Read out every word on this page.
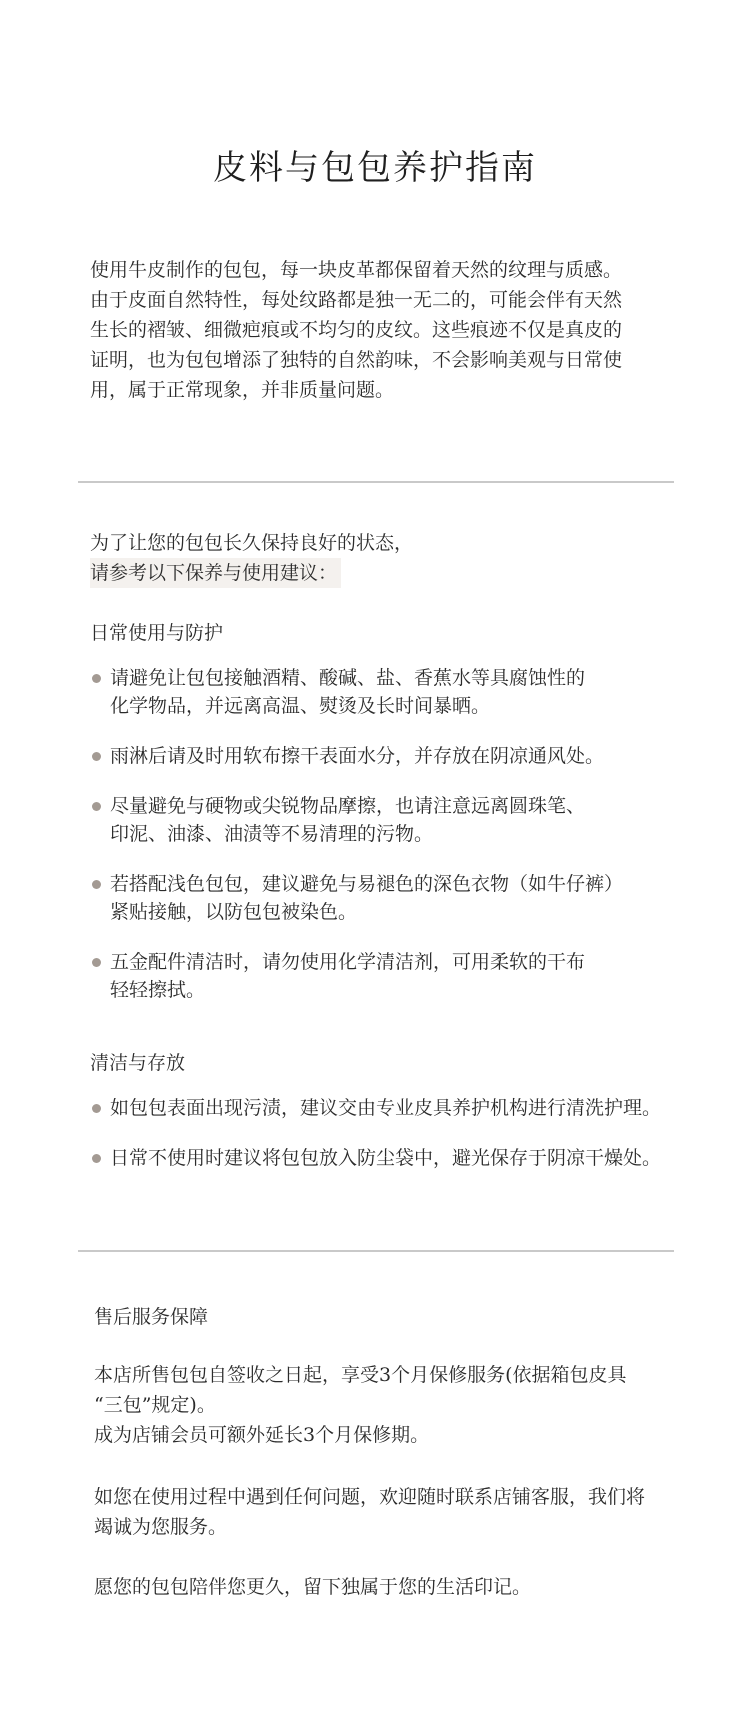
皮料与包包养护指南

使用牛皮制作的包包，每一块皮革都保留着天然的纹理与质感。
由于皮面自然特性，每处纹路都是独一无二的，可能会伴有天然
生长的褶皱、细微疤痕或不均匀的皮纹。这些痕迹不仅是真皮的
证明，也为包包增添了独特的自然韵味，不会影响美观与日常使
用，属于正常现象，并非质量问题。

为了让您的包包长久保持良好的状态，
请参考以下保养与使用建议：
日常使用与防护
请避免让包包接触酒精、酸碱、盐、香蕉水等具腐蚀性的
化学物品，并远离高温、熨烫及长时间暴晒。
雨淋后请及时用软布擦干表面水分，并存放在阴凉通风处。
尽量避免与硬物或尖锐物品摩擦，也请注意远离圆珠笔、
印泥、油漆、油渍等不易清理的污物。
若搭配浅色包包，建议避免与易褪色的深色衣物（如牛仔裤）
紧贴接触，以防包包被染色。
五金配件清洁时，请勿使用化学清洁剂，可用柔软的干布
轻轻擦拭。
清洁与存放
如包包表面出现污渍，建议交由专业皮具养护机构进行清洗护理。
日常不使用时建议将包包放入防尘袋中，避光保存于阴凉干燥处。
售后服务保障

本店所售包包自签收之日起，享受3个月保修服务(依据箱包皮具
“三包”规定)。
成为店铺会员可额外延长3个月保修期。

如您在使用过程中遇到任何问题，欢迎随时联系店铺客服，我们将
竭诚为您服务。

愿您的包包陪伴您更久，留下独属于您的生活印记。
